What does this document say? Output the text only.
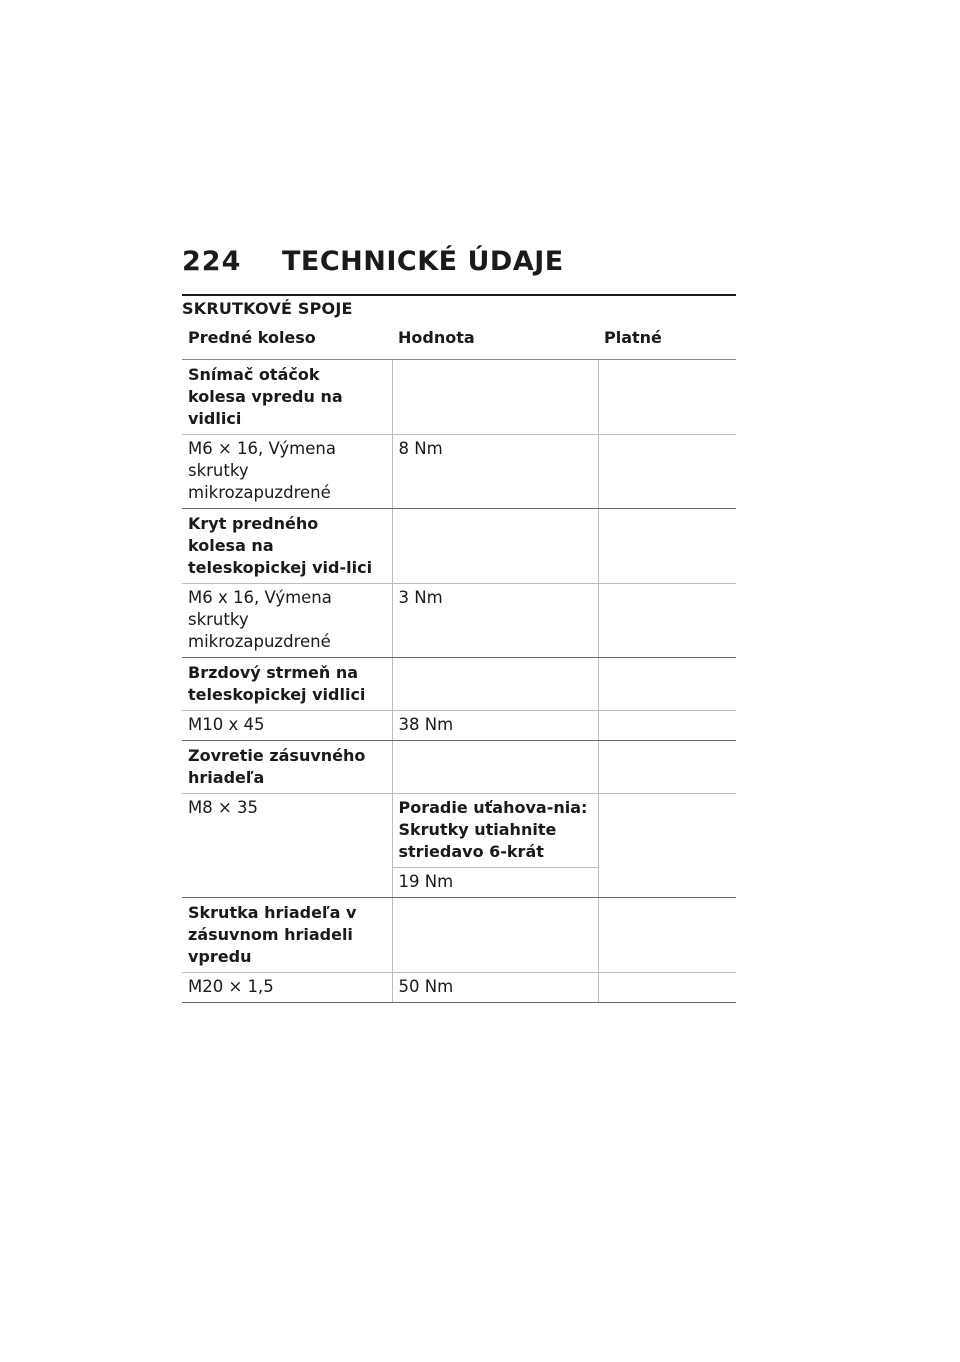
224	TECHNICKÉ ÚDAJE
SKRUTKOVÉ SPOJE
Predné koleso	Hodnota	Platné
Snímač otáčok kolesa vpredu na vidlici		

M6 × 16, Výmena
skrutky
mikrozapuzdrené	8 Nm	
Kryt predného kolesa na teleskopickej vid-lici		

M6 x 16, Výmena
skrutky
mikrozapuzdrené	3 Nm	
Brzdový strmeň na teleskopickej vidlici		

M10 x 45	38 Nm	
Zovretie zásuvného hriadeľa		

M8 × 35	Poradie uťahova-nia: Skrutky utiahnite striedavo 6-krát
19 Nm	

Skrutka hriadeľa v zásuvnom hriadeli vpredu		

M20 × 1,5	50 Nm	
